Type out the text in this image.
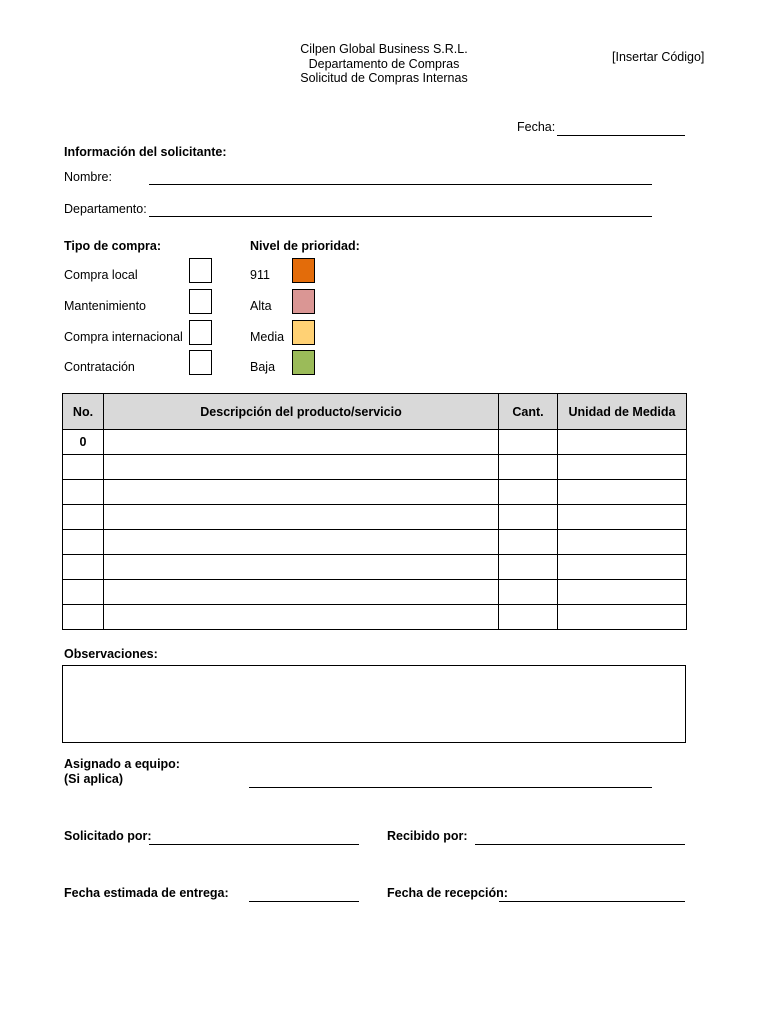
Cilpen Global Business S.R.L.
Departamento de Compras
Solicitud de Compras Internas
[Insertar Código]
Fecha:
Información del solicitante:
Nombre:
Departamento:
Tipo de compra:
Compra local
Mantenimiento
Compra internacional
Contratación
Nivel de prioridad:
911
Alta
Media
Baja
No.	Descripción del producto/servicio	Cant.	Unidad de Medida
0			

Observaciones:
Asignado a equipo:
(Si aplica)
Solicitado por:	Recibido por:
Fecha estimada de entrega:	Fecha de recepción:
